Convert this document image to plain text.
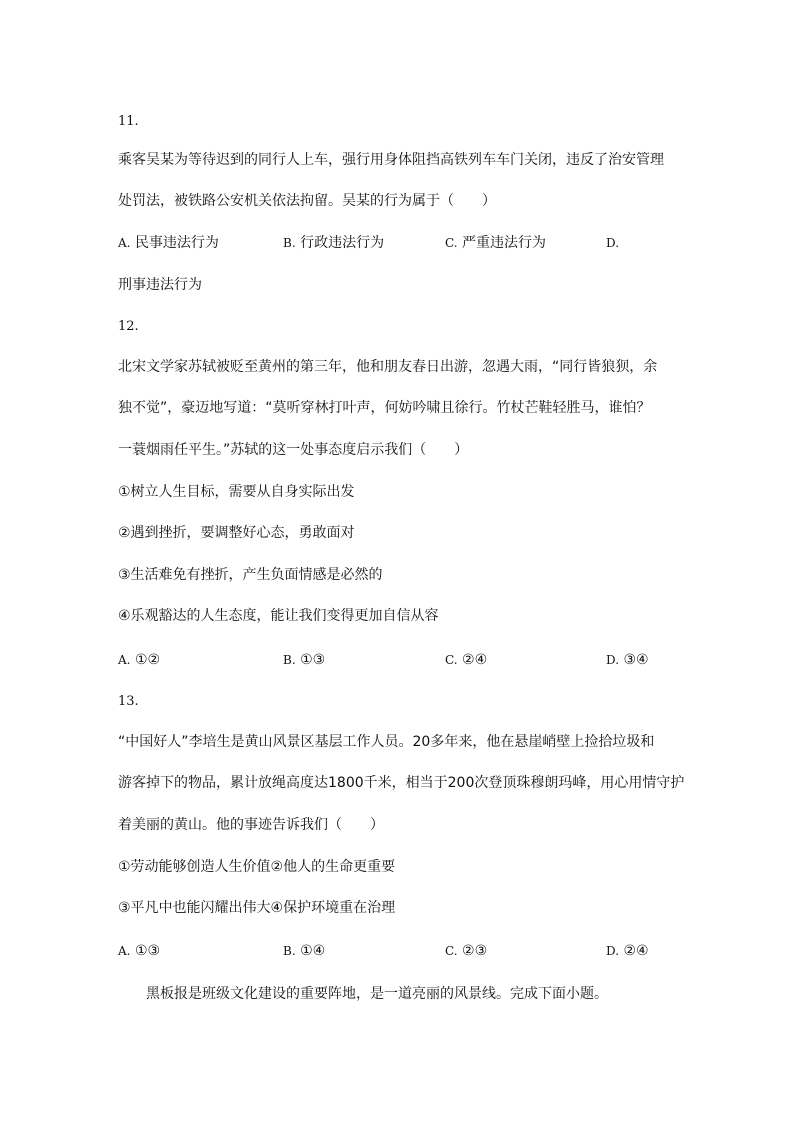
11.
乘客吴某为等待迟到的同行人上车，强行用身体阻挡高铁列车车门关闭，违反了治安管理
处罚法，被铁路公安机关依法拘留。吴某的行为属于（　　）
A. 民事违法行为	B. 行政违法行为	C. 严重违法行为	D.
刑事违法行为
12.
北宋文学家苏轼被贬至黄州的第三年，他和朋友春日出游，忽遇大雨，“同行皆狼狈，余
独不觉”，豪迈地写道：“莫听穿林打叶声，何妨吟啸且徐行。竹杖芒鞋轻胜马，谁怕？
一蓑烟雨任平生。”苏轼的这一处事态度启示我们（　　）
①树立人生目标，需要从自身实际出发
②遇到挫折，要调整好心态，勇敢面对
③生活难免有挫折，产生负面情感是必然的
④乐观豁达的人生态度，能让我们变得更加自信从容
A. ①②	B. ①③	C. ②④	D. ③④
13.
“中国好人”李培生是黄山风景区基层工作人员。20多年来，他在悬崖峭壁上捡拾垃圾和
游客掉下的物品，累计放绳高度达1800千米，相当于200次登顶珠穆朗玛峰，用心用情守护
着美丽的黄山。他的事迹告诉我们（　　）
①劳动能够创造人生价值②他人的生命更重要
③平凡中也能闪耀出伟大④保护环境重在治理
A. ①③	B. ①④	C. ②③	D. ②④
黑板报是班级文化建设的重要阵地，是一道亮丽的风景线。完成下面小题。
